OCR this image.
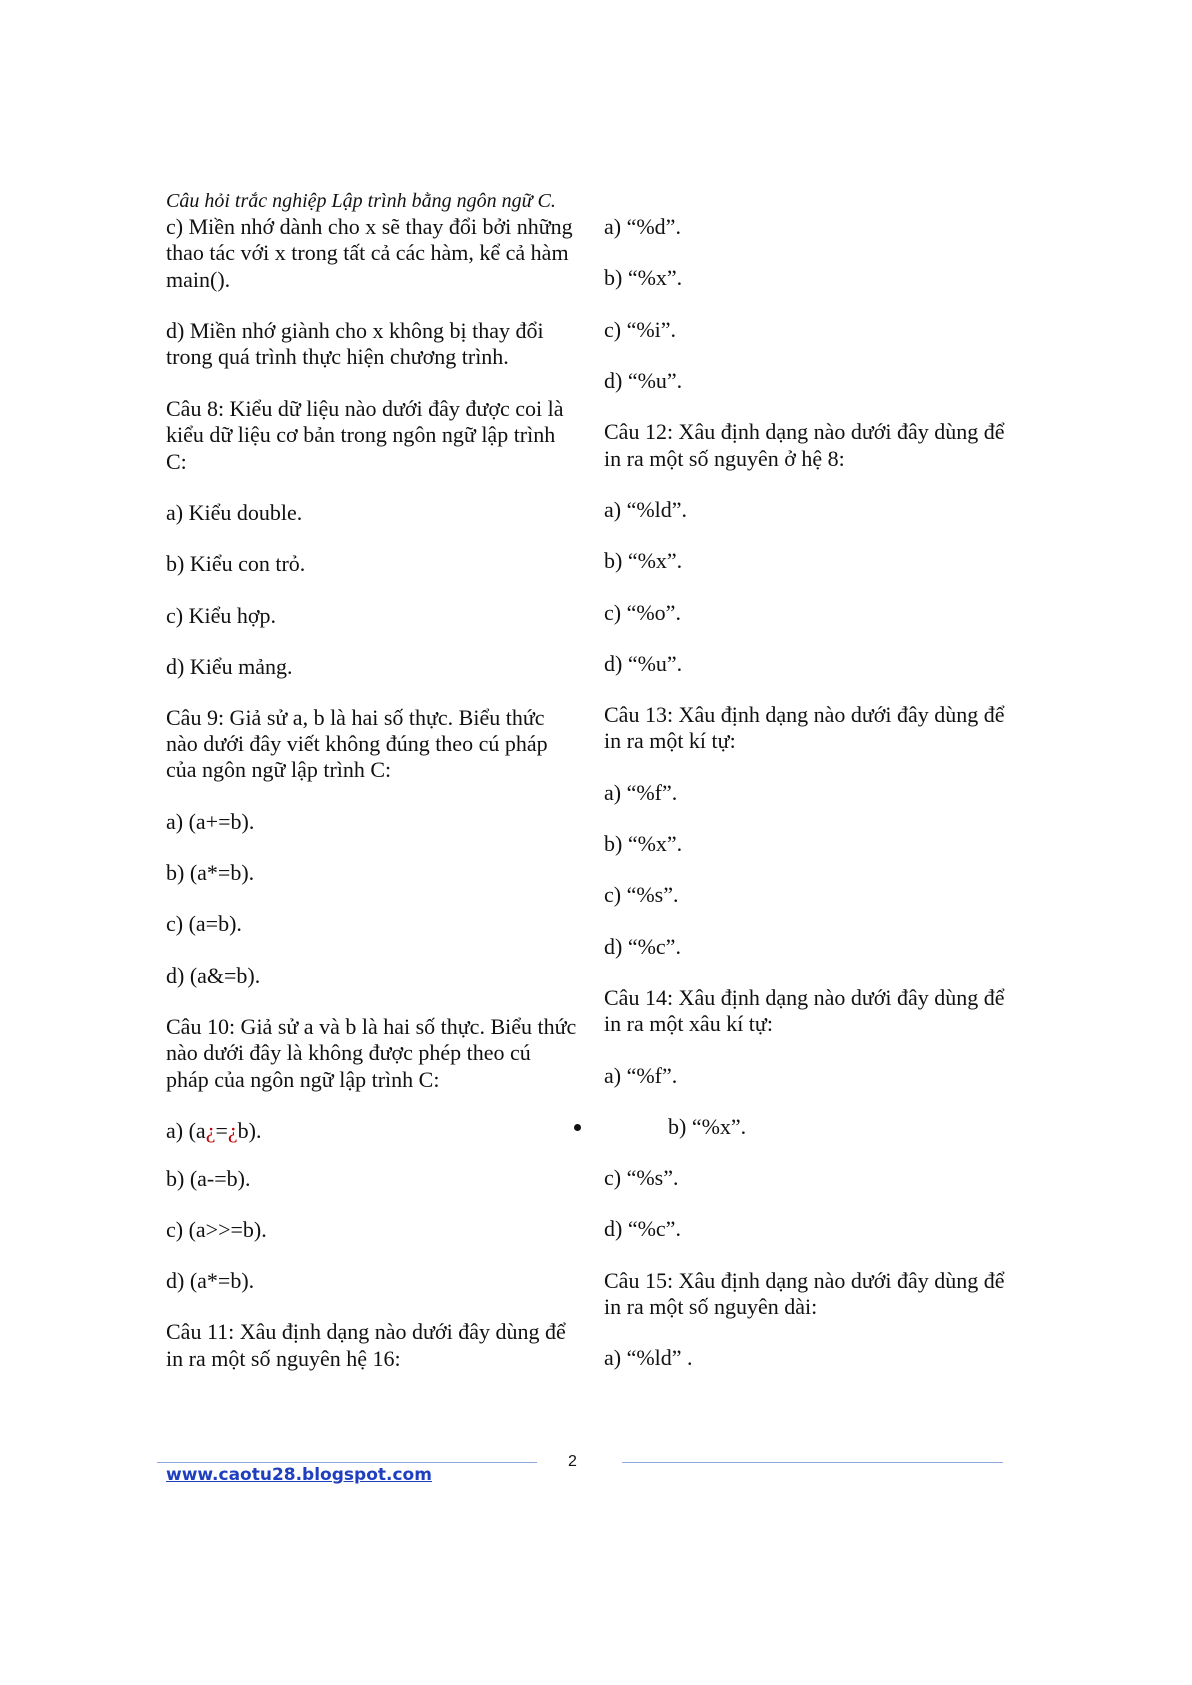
Câu hỏi trắc nghiệp Lập trình bằng ngôn ngữ C.
c) Miền nhớ dành cho x sẽ thay đổi bởi những
thao tác với x trong tất cả các hàm, kể cả hàm
main().
d) Miền nhớ giành cho x không bị thay đổi
trong quá trình thực hiện chương trình.
Câu 8: Kiểu dữ liệu nào dưới đây được coi là
kiểu dữ liệu cơ bản trong ngôn ngữ lập trình
C:
a) Kiểu double.
b) Kiểu con trỏ.
c) Kiểu hợp.
d) Kiểu mảng.
Câu 9: Giả sử a, b là hai số thực. Biểu thức
nào dưới đây viết không đúng theo cú pháp
của ngôn ngữ lập trình C:
a) (a+=b).
b) (a*=b).
c) (a=b).
d) (a&=b).
Câu 10: Giả sử a và b là hai số thực. Biểu thức
nào dưới đây là không được phép theo cú
pháp của ngôn ngữ lập trình C:
a) (a¿=¿b).
b) (a-=b).
c) (a>>=b).
d) (a*=b).
Câu 11: Xâu định dạng nào dưới đây dùng để
in ra một số nguyên hệ 16:
a) “%d”.
b) “%x”.
c) “%i”.
d) “%u”.
Câu 12: Xâu định dạng nào dưới đây dùng để
in ra một số nguyên ở hệ 8:
a) “%ld”.
b) “%x”.
c) “%o”.
d) “%u”.
Câu 13: Xâu định dạng nào dưới đây dùng để
in ra một kí tự:
a) “%f”.
b) “%x”.
c) “%s”.
d) “%c”.
Câu 14: Xâu định dạng nào dưới đây dùng để
in ra một xâu kí tự:
a) “%f”.
b) “%x”.
c) “%s”.
d) “%c”.
Câu 15: Xâu định dạng nào dưới đây dùng để
in ra một số nguyên dài:
a) “%ld” .
2
www.caotu28.blogspot.com
